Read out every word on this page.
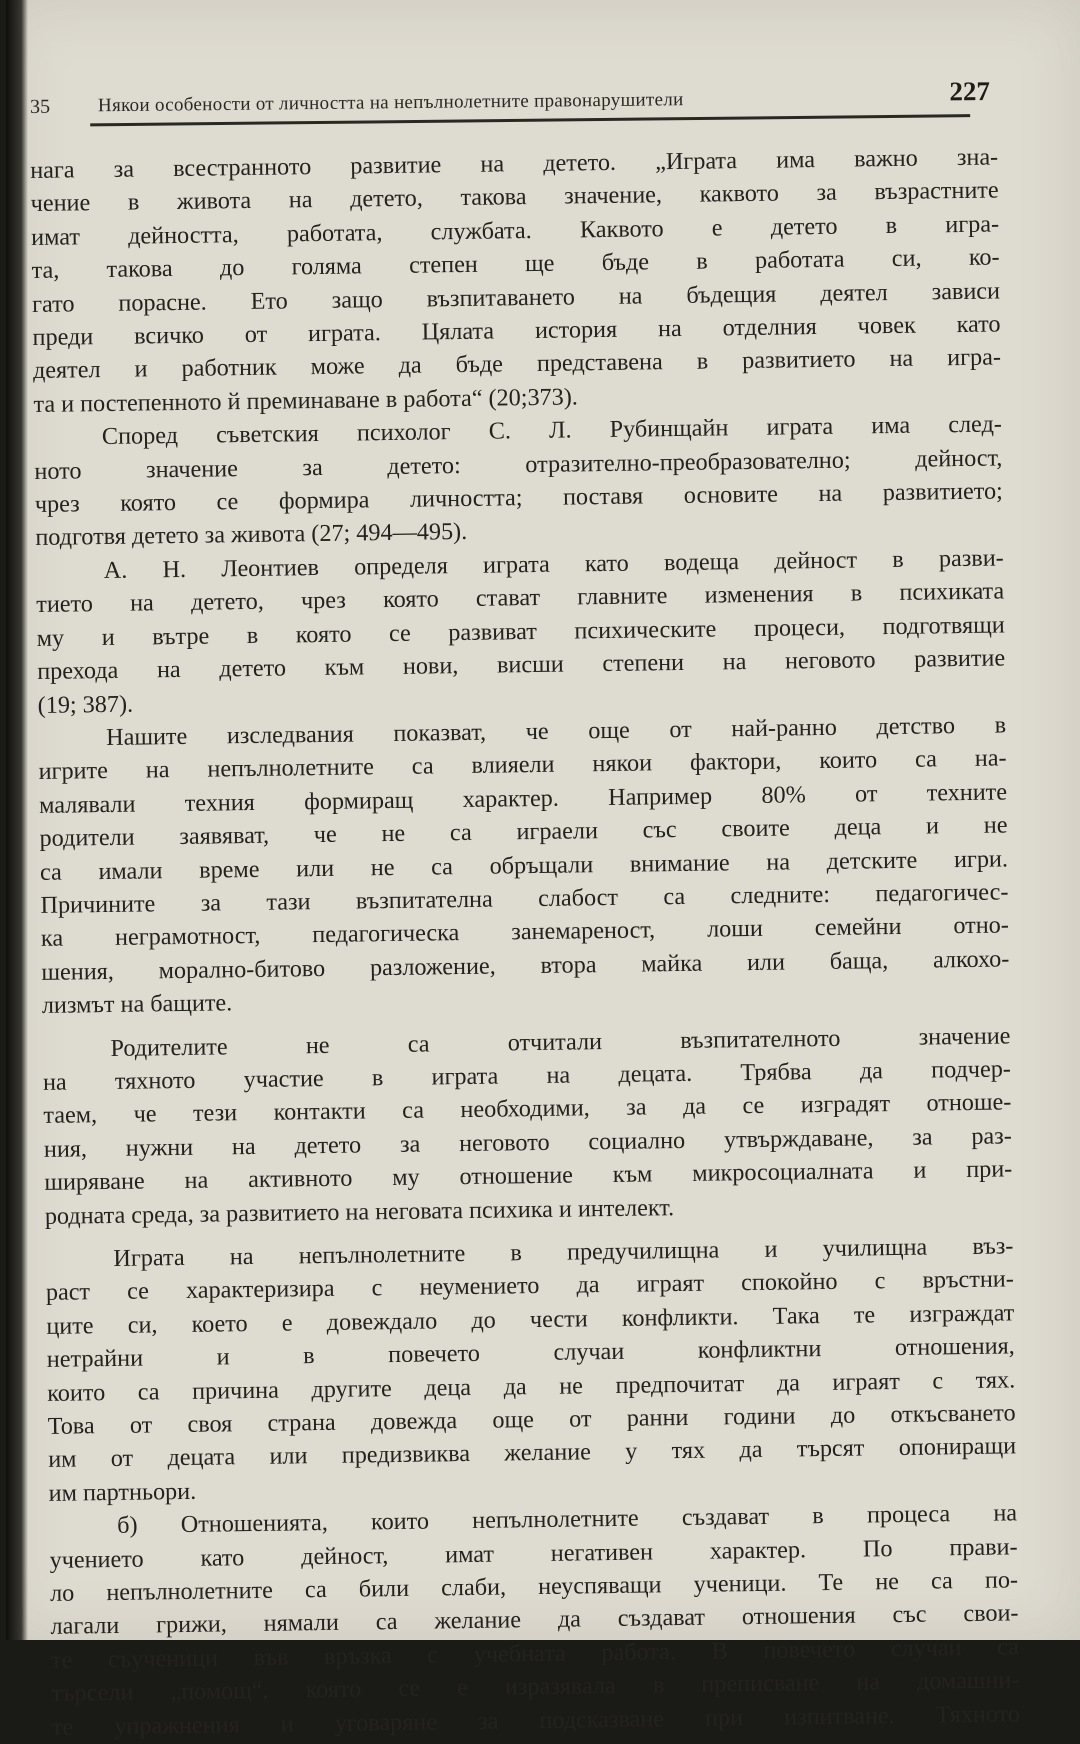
35	Някои особености от личността на непълнолетните правонарушители	227

нага за всестранното развитие на детето. „Играта има важно зна-

чение в живота на детето, такова значение, каквото за възрастните

имат дейността, работата, службата. Каквото е детето в игра-

та, такова до голяма степен ще бъде в работата си, ко-

гато порасне. Ето защо възпитаването на бъдещия деятел зависи

преди всичко от играта. Цялата история на отделния човек като

деятел и работник може да бъде представена в развитието на игра-

та и постепенното й преминаване в работа“ (20;373).

Според съветския психолог С. Л. Рубинщайн играта има след-

ното значение за детето: отразително-преобразователно; дейност,

чрез която се формира личността; поставя основите на развитието;

подготвя детето за живота (27; 494—495).

А. Н. Леонтиев определя играта като водеща дейност в разви-

тието на детето, чрез която стават главните изменения в психиката

му и вътре в която се развиват психическите процеси, подготвящи

прехода на детето към нови, висши степени на неговото развитие

(19; 387).

Нашите изследвания показват, че още от най-ранно детство в

игрите на непълнолетните са влияели някои фактори, които са на-

малявали техния формиращ характер. Например 80% от техните

родители заявяват, че не са играели със своите деца и не

са имали време или не са обръщали внимание на детските игри.

Причините за тази възпитателна слабост са следните: педагогичес-

ка неграмотност, педагогическа занемареност, лоши семейни отно-

шения, морално-битово разложение, втора майка или баща, алкохо-

лизмът на бащите.

Родителите не са отчитали възпитателното значение

на тяхното участие в играта на децата. Трябва да подчер-

таем, че тези контакти са необходими, за да се изградят отноше-

ния, нужни на детето за неговото социално утвърждаване, за раз-

ширяване на активното му отношение към микросоциалната и при-

родната среда, за развитието на неговата психика и интелект.

Играта на непълнолетните в предучилищна и училищна въз-

раст се характеризира с неумението да играят спокойно с връстни-

ците си, което е довеждало до чести конфликти. Така те изграждат

нетрайни и в повечето случаи конфликтни отношения,

които са причина другите деца да не предпочитат да играят с тях.

Това от своя страна довежда още от ранни години до откъсването

им от децата или предизвиква желание у тях да търсят опониращи

им партньори.

б) Отношенията, които непълнолетните създават в процеса на

учението като дейност, имат негативен характер. По прави-

ло непълнолетните са били слаби, неуспяващи ученици. Те не са по-

лагали грижи, нямали са желание да създават отношения със свои-

те съученици във връзка с учебната работа. В повечето случаи са

търсели „помощ“, която се е изразявала в преписване на домашни-

те упражнения и уговаряне за подсказване при изпитване. Тяхното
